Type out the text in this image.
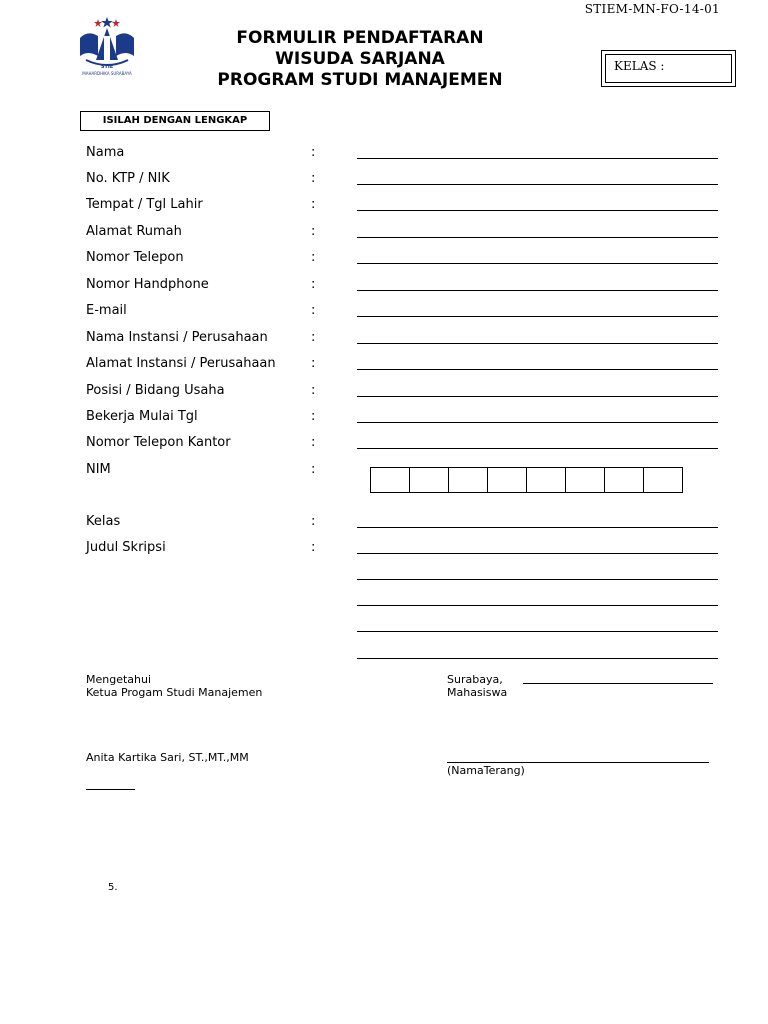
STIEM-MN-FO-14-01
STIE
MAHARDHIKA SURABAYA
FORMULIR PENDAFTARAN
WISUDA SARJANA
PROGRAM STUDI MANAJEMEN
KELAS :
ISILAH DENGAN LENGKAP
Nama	:
No. KTP / NIK	:
Tempat / Tgl Lahir	:
Alamat Rumah	:
Nomor Telepon	:
Nomor Handphone	:
E-mail	:
Nama Instansi / Perusahaan	:
Alamat Instansi / Perusahaan	:
Posisi / Bidang Usaha	:
Bekerja Mulai Tgl	:
Nomor Telepon Kantor	:
NIM	:
Kelas	:
Judul Skripsi	:
Mengetahui
Ketua Progam Studi Manajemen
Anita Kartika Sari, ST.,MT.,MM
Surabaya,
Mahasiswa
(NamaTerang)
5.
